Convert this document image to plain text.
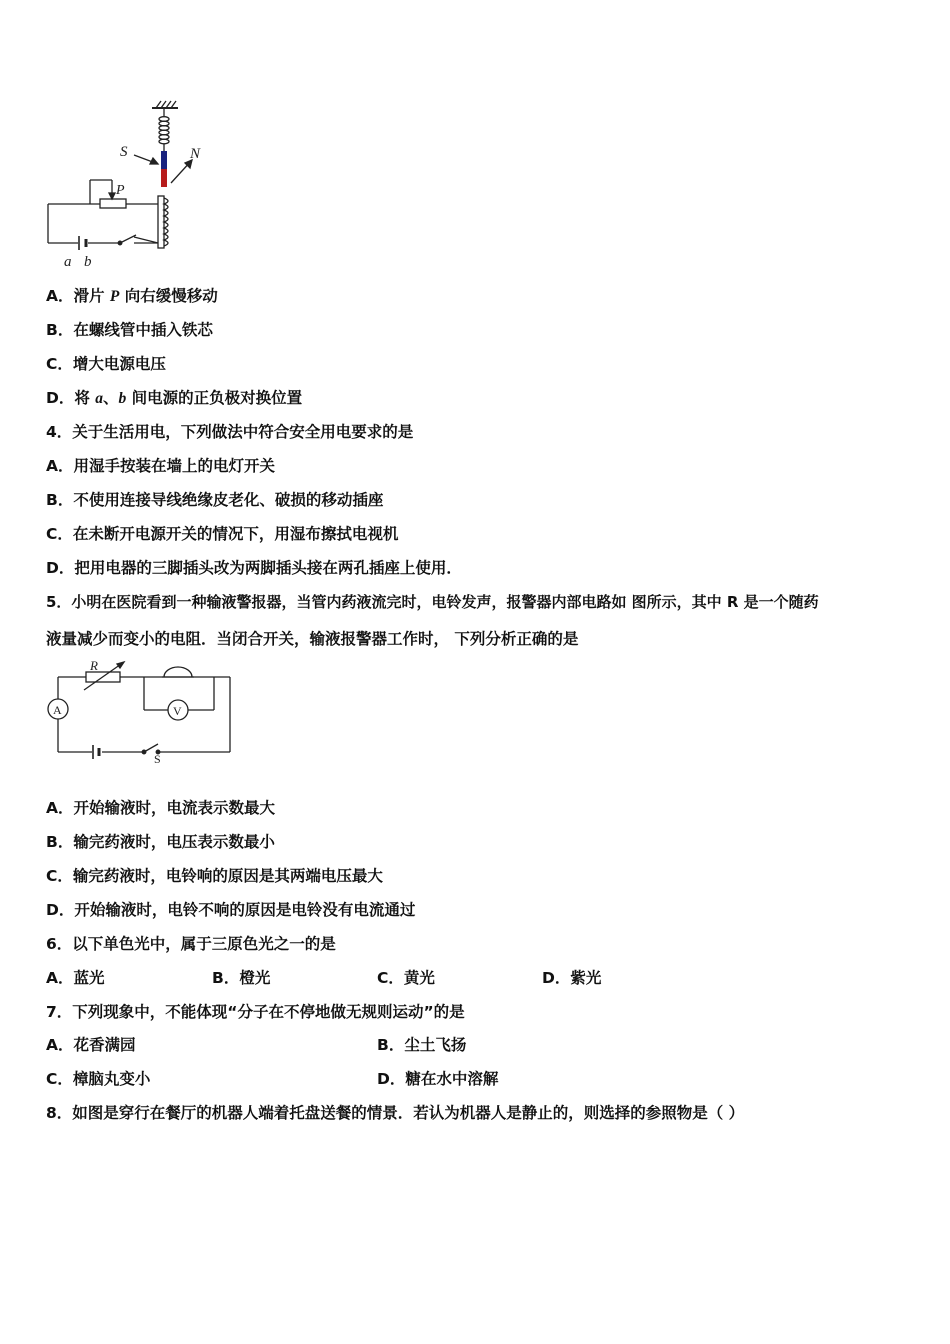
S	N
P
a b
A．滑片 P 向右缓慢移动
B．在螺线管中插入铁芯
C．增大电源电压
D．将 a、b 间电源的正负极对换位置
4．关于生活用电，下列做法中符合安全用电要求的是
A．用湿手按装在墙上的电灯开关
B．不使用连接导线绝缘皮老化、破损的移动插座
C．在未断开电源开关的情况下，用湿布擦拭电视机
D．把用电器的三脚插头改为两脚插头接在两孔插座上使用．
5．小明在医院看到一种输液警报器，当管内药液流完时，电铃发声，报警器内部电路如 图所示，其中 R 是一个随药
液量减少而变小的电阻．当闭合开关，输液报警器工作时， 下列分析正确的是
R
A	V
S
A．开始输液时，电流表示数最大
B．输完药液时，电压表示数最小
C．输完药液时，电铃响的原因是其两端电压最大
D．开始输液时，电铃不响的原因是电铃没有电流通过
6．以下单色光中，属于三原色光之一的是
A．蓝光	B．橙光	C．黄光	D．紫光
7．下列现象中，不能体现“分子在不停地做无规则运动”的是
A．花香满园	B．尘土飞扬
C．樟脑丸变小	D．糖在水中溶解
8．如图是穿行在餐厅的机器人端着托盘送餐的情景．若认为机器人是静止的，则选择的参照物是（ ）
